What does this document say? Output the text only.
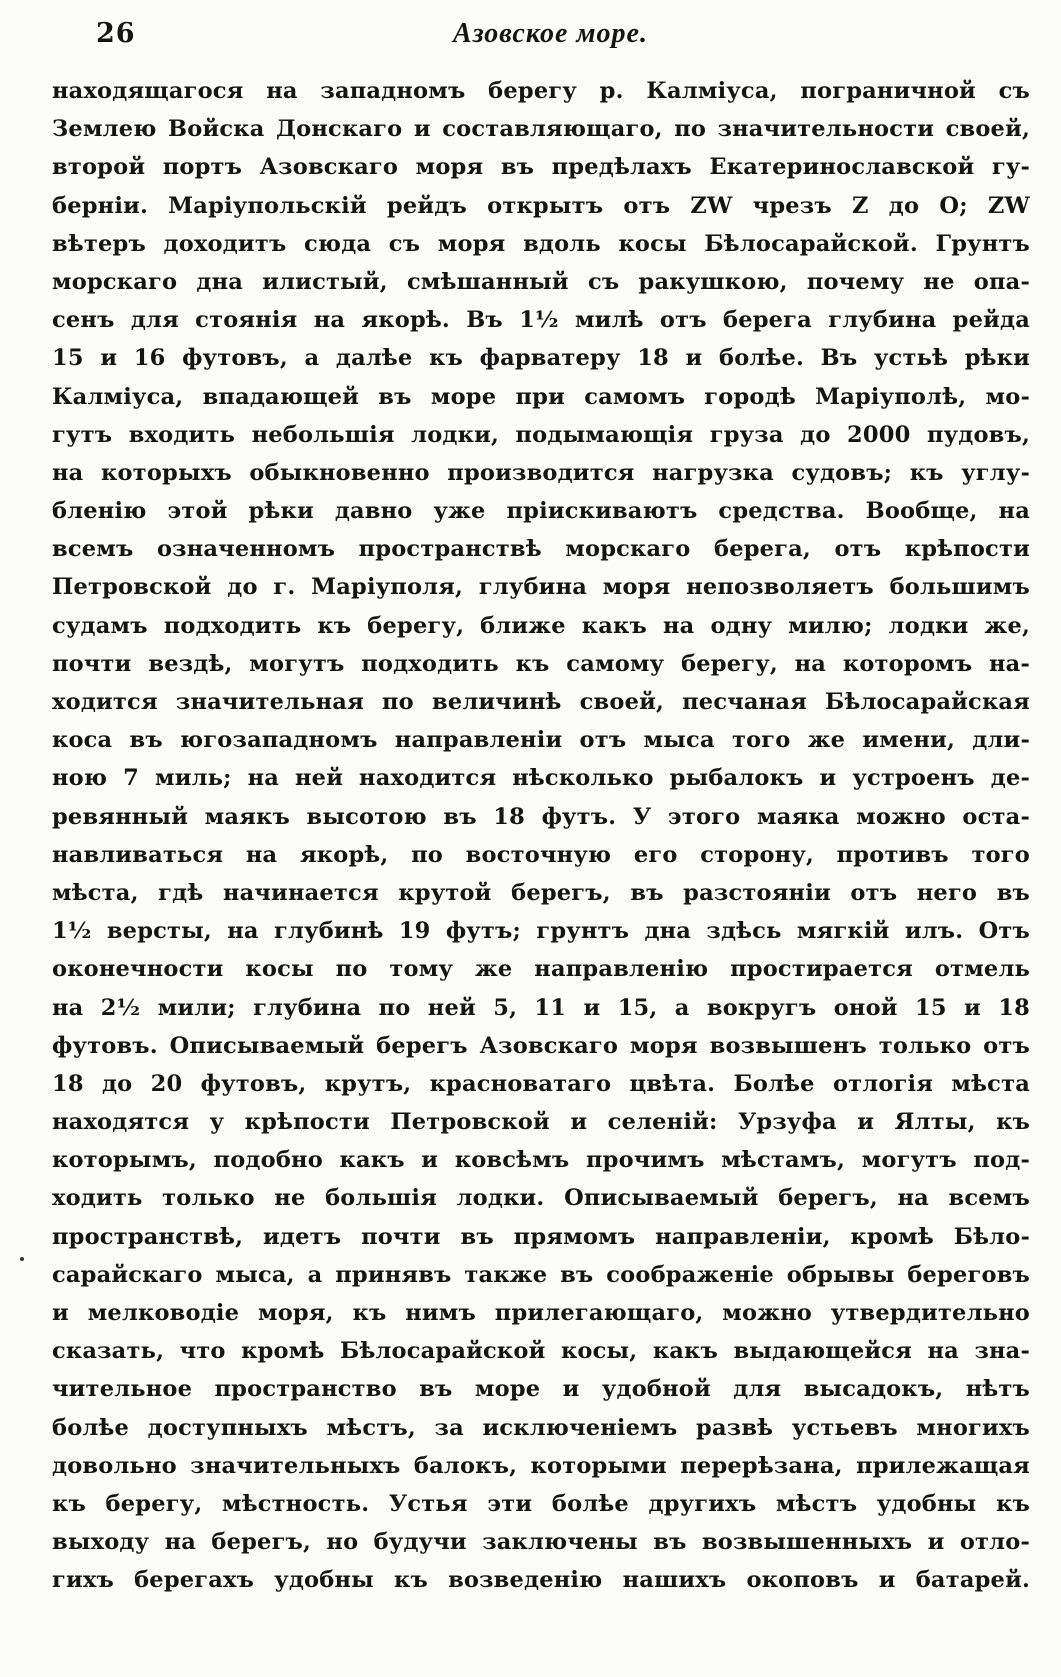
26	Азовское море.
находящагося на западномъ берегу р. Калміуса, пограничной съ
Землею Войска Донскаго и составляющаго, по значительности своей,
второй портъ Азовскаго моря въ предѣлахъ Екатеринославской гу-
берніи. Маріупольскій рейдъ открытъ отъ ZW чрезъ Z до O; ZW
вѣтеръ доходитъ сюда съ моря вдоль косы Бѣлосарайской. Грунтъ
морскаго дна илистый, смѣшанный съ ракушкою, почему не опа-
сенъ для стоянія на якорѣ. Въ 1½ милѣ отъ берега глубина рейда
15 и 16 футовъ, а далѣе къ фарватеру 18 и болѣе. Въ устьѣ рѣки
Калміуса, впадающей въ море при самомъ городѣ Маріуполѣ, мо-
гутъ входить небольшія лодки, подымающія груза до 2000 пудовъ,
на которыхъ обыкновенно производится нагрузка судовъ; къ углу-
бленію этой рѣки давно уже пріискиваютъ средства. Вообще, на
всемъ означенномъ пространствѣ морскаго берега, отъ крѣпости
Петровской до г. Маріуполя, глубина моря непозволяетъ большимъ
судамъ подходить къ берегу, ближе какъ на одну милю; лодки же,
почти вездѣ, могутъ подходить къ самому берегу, на которомъ на-
ходится значительная по величинѣ своей, песчаная Бѣлосарайская
коса въ югозападномъ направленіи отъ мыса того же имени, дли-
ною 7 миль; на ней находится нѣсколько рыбалокъ и устроенъ де-
ревянный маякъ высотою въ 18 футъ. У этого маяка можно оста-
навливаться на якорѣ, по восточную его сторону, противъ того
мѣста, гдѣ начинается крутой берегъ, въ разстояніи отъ него въ
1½ версты, на глубинѣ 19 футъ; грунтъ дна здѣсь мягкій илъ. Отъ
оконечности косы по тому же направленію простирается отмель
на 2½ мили; глубина по ней 5, 11 и 15, а вокругъ оной 15 и 18
футовъ. Описываемый берегъ Азовскаго моря возвышенъ только отъ
18 до 20 футовъ, крутъ, красноватаго цвѣта. Болѣе отлогія мѣста
находятся у крѣпости Петровской и селеній: Урзуфа и Ялты, къ
которымъ, подобно какъ и ковсѣмъ прочимъ мѣстамъ, могутъ под-
ходить только не большія лодки. Описываемый берегъ, на всемъ
пространствѣ, идетъ почти въ прямомъ направленіи, кромѣ Бѣло-
сарайскаго мыса, а принявъ также въ соображеніе обрывы береговъ
и мелководіе моря, къ нимъ прилегающаго, можно утвердительно
сказать, что кромѣ Бѣлосарайской косы, какъ выдающейся на зна-
чительное пространство въ море и удобной для высадокъ, нѣтъ
болѣе доступныхъ мѣстъ, за исключеніемъ развѣ устьевъ многихъ
довольно значительныхъ балокъ, которыми перерѣзана, прилежащая
къ берегу, мѣстность. Устья эти болѣе другихъ мѣстъ удобны къ
выходу на берегъ, но будучи заключены въ возвышенныхъ и отло-
гихъ берегахъ удобны къ возведенію нашихъ окоповъ и батарей.
